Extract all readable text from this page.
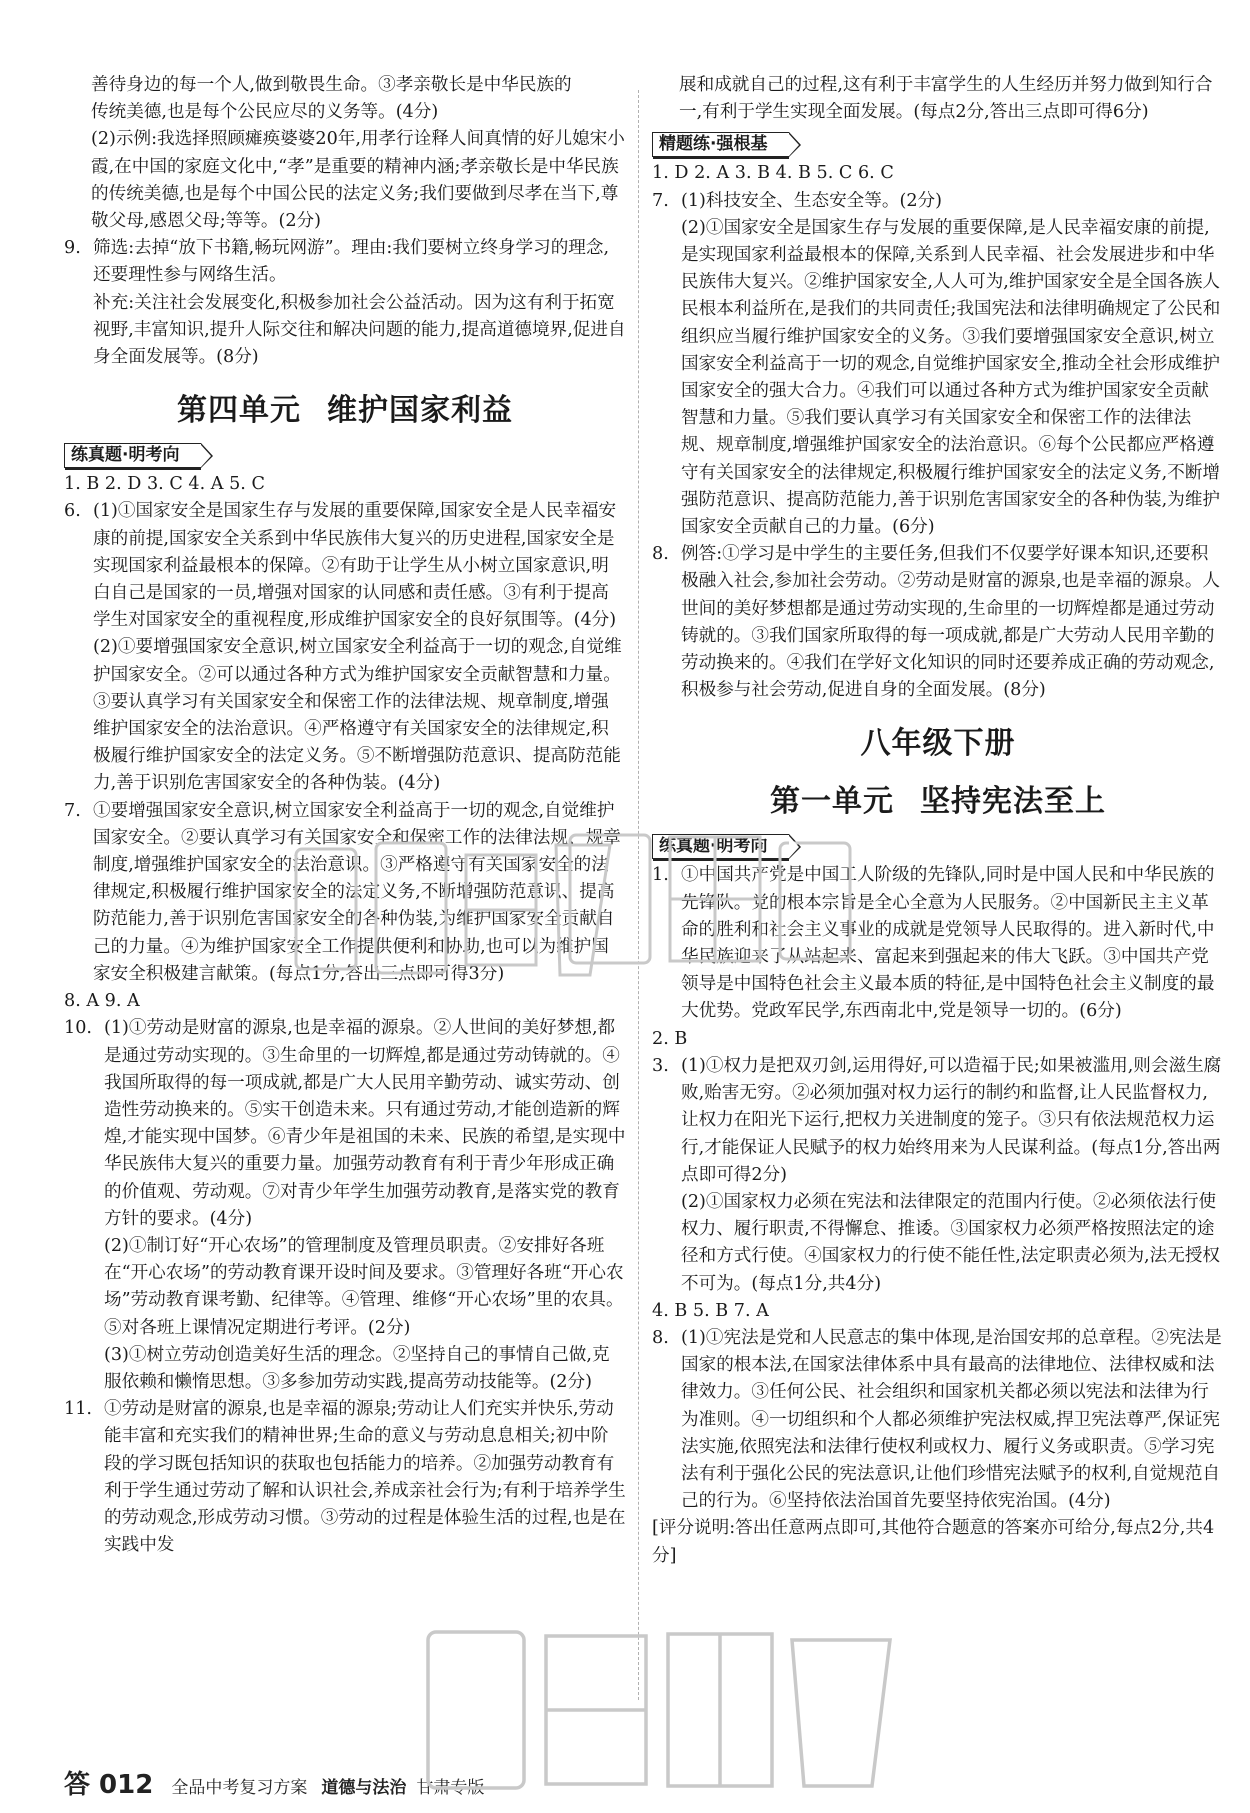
善待身边的每一个人,做到敬畏生命。③孝亲敬长是中华民族的

传统美德,也是每个公民应尽的义务等。(4分)

(2)示例:我选择照顾瘫痪婆婆20年,用孝行诠释人间真情的好儿媳宋小霞,在中国的家庭文化中,“孝”是重要的精神内涵;孝亲敬长是中华民族的传统美德,也是每个中国公民的法定义务;我们要做到尽孝在当下,尊敬父母,感恩父母;等等。(2分)

9. 筛选:去掉“放下书籍,畅玩网游”。理由:我们要树立终身学习的理念,还要理性参与网络生活。

补充:关注社会发展变化,积极参加社会公益活动。因为这有利于拓宽视野,丰富知识,提升人际交往和解决问题的能力,提高道德境界,促进自身全面发展等。(8分)

第四单元 维护国家利益
练真题·明考向

1. B 2. D 3. C 4. A 5. C

6. (1)①国家安全是国家生存与发展的重要保障,国家安全是人民幸福安康的前提,国家安全关系到中华民族伟大复兴的历史进程,国家安全是实现国家利益最根本的保障。②有助于让学生从小树立国家意识,明白自己是国家的一员,增强对国家的认同感和责任感。③有利于提高学生对国家安全的重视程度,形成维护国家安全的良好氛围等。(4分)

(2)①要增强国家安全意识,树立国家安全利益高于一切的观念,自觉维护国家安全。②可以通过各种方式为维护国家安全贡献智慧和力量。③要认真学习有关国家安全和保密工作的法律法规、规章制度,增强维护国家安全的法治意识。④严格遵守有关国家安全的法律规定,积极履行维护国家安全的法定义务。⑤不断增强防范意识、提高防范能力,善于识别危害国家安全的各种伪装。(4分)

7. ①要增强国家安全意识,树立国家安全利益高于一切的观念,自觉维护国家安全。②要认真学习有关国家安全和保密工作的法律法规、规章制度,增强维护国家安全的法治意识。③严格遵守有关国家安全的法律规定,积极履行维护国家安全的法定义务,不断增强防范意识、提高防范能力,善于识别危害国家安全的各种伪装,为维护国家安全贡献自己的力量。④为维护国家安全工作提供便利和协助,也可以为维护国家安全积极建言献策。(每点1分,答出三点即可得3分)

8. A 9. A

10. (1)①劳动是财富的源泉,也是幸福的源泉。②人世间的美好梦想,都是通过劳动实现的。③生命里的一切辉煌,都是通过劳动铸就的。④我国所取得的每一项成就,都是广大人民用辛勤劳动、诚实劳动、创造性劳动换来的。⑤实干创造未来。只有通过劳动,才能创造新的辉煌,才能实现中国梦。⑥青少年是祖国的未来、民族的希望,是实现中华民族伟大复兴的重要力量。加强劳动教育有利于青少年形成正确的价值观、劳动观。⑦对青少年学生加强劳动教育,是落实党的教育方针的要求。(4分)

(2)①制订好“开心农场”的管理制度及管理员职责。②安排好各班在“开心农场”的劳动教育课开设时间及要求。③管理好各班“开心农场”劳动教育课考勤、纪律等。④管理、维修“开心农场”里的农具。⑤对各班上课情况定期进行考评。(2分)

(3)①树立劳动创造美好生活的理念。②坚持自己的事情自己做,克服依赖和懒惰思想。③多参加劳动实践,提高劳动技能等。(2分)

11. ①劳动是财富的源泉,也是幸福的源泉;劳动让人们充实并快乐,劳动能丰富和充实我们的精神世界;生命的意义与劳动息息相关;初中阶段的学习既包括知识的获取也包括能力的培养。②加强劳动教育有利于学生通过劳动了解和认识社会,养成亲社会行为;有利于培养学生的劳动观念,形成劳动习惯。③劳动的过程是体验生活的过程,也是在实践中发

展和成就自己的过程,这有利于丰富学生的人生经历并努力做到知行合一,有利于学生实现全面发展。(每点2分,答出三点即可得6分)

精题练·强根基

1. D 2. A 3. B 4. B 5. C 6. C

7. (1)科技安全、生态安全等。(2分)

(2)①国家安全是国家生存与发展的重要保障,是人民幸福安康的前提,是实现国家利益最根本的保障,关系到人民幸福、社会发展进步和中华民族伟大复兴。②维护国家安全,人人可为,维护国家安全是全国各族人民根本利益所在,是我们的共同责任;我国宪法和法律明确规定了公民和组织应当履行维护国家安全的义务。③我们要增强国家安全意识,树立国家安全利益高于一切的观念,自觉维护国家安全,推动全社会形成维护国家安全的强大合力。④我们可以通过各种方式为维护国家安全贡献智慧和力量。⑤我们要认真学习有关国家安全和保密工作的法律法规、规章制度,增强维护国家安全的法治意识。⑥每个公民都应严格遵守有关国家安全的法律规定,积极履行维护国家安全的法定义务,不断增强防范意识、提高防范能力,善于识别危害国家安全的各种伪装,为维护国家安全贡献自己的力量。(6分)

8. 例答:①学习是中学生的主要任务,但我们不仅要学好课本知识,还要积极融入社会,参加社会劳动。②劳动是财富的源泉,也是幸福的源泉。人世间的美好梦想都是通过劳动实现的,生命里的一切辉煌都是通过劳动铸就的。③我们国家所取得的每一项成就,都是广大劳动人民用辛勤的劳动换来的。④我们在学好文化知识的同时还要养成正确的劳动观念,积极参与社会劳动,促进自身的全面发展。(8分)

八年级下册
第一单元 坚持宪法至上
练真题·明考向
1. ①中国共产党是中国工人阶级的先锋队,同时是中国人民和中华民族的先锋队。党的根本宗旨是全心全意为人民服务。②中国新民主主义革命的胜利和社会主义事业的成就是党领导人民取得的。进入新时代,中华民族迎来了从站起来、富起来到强起来的伟大飞跃。③中国共产党领导是中国特色社会主义最本质的特征,是中国特色社会主义制度的最大优势。党政军民学,东西南北中,党是领导一切的。(6分)

2. B

3. (1)①权力是把双刃剑,运用得好,可以造福于民;如果被滥用,则会滋生腐败,贻害无穷。②必须加强对权力运行的制约和监督,让人民监督权力,让权力在阳光下运行,把权力关进制度的笼子。③只有依法规范权力运行,才能保证人民赋予的权力始终用来为人民谋利益。(每点1分,答出两点即可得2分)

(2)①国家权力必须在宪法和法律限定的范围内行使。②必须依法行使权力、履行职责,不得懈怠、推诿。③国家权力必须严格按照法定的途径和方式行使。④国家权力的行使不能任性,法定职责必须为,法无授权不可为。(每点1分,共4分)

4. B 5. B 7. A

8. (1)①宪法是党和人民意志的集中体现,是治国安邦的总章程。②宪法是国家的根本法,在国家法律体系中具有最高的法律地位、法律权威和法律效力。③任何公民、社会组织和国家机关都必须以宪法和法律为行为准则。④一切组织和个人都必须维护宪法权威,捍卫宪法尊严,保证宪法实施,依照宪法和法律行使权利或权力、履行义务或职责。⑤学习宪法有利于强化公民的宪法意识,让他们珍惜宪法赋予的权利,自觉规范自己的行为。⑥坚持依法治国首先要坚持依宪治国。(4分)

[评分说明:答出任意两点即可,其他符合题意的答案亦可给分,每点2分,共4分]

答 012 全品中考复习方案 道德与法治 甘肃专版
